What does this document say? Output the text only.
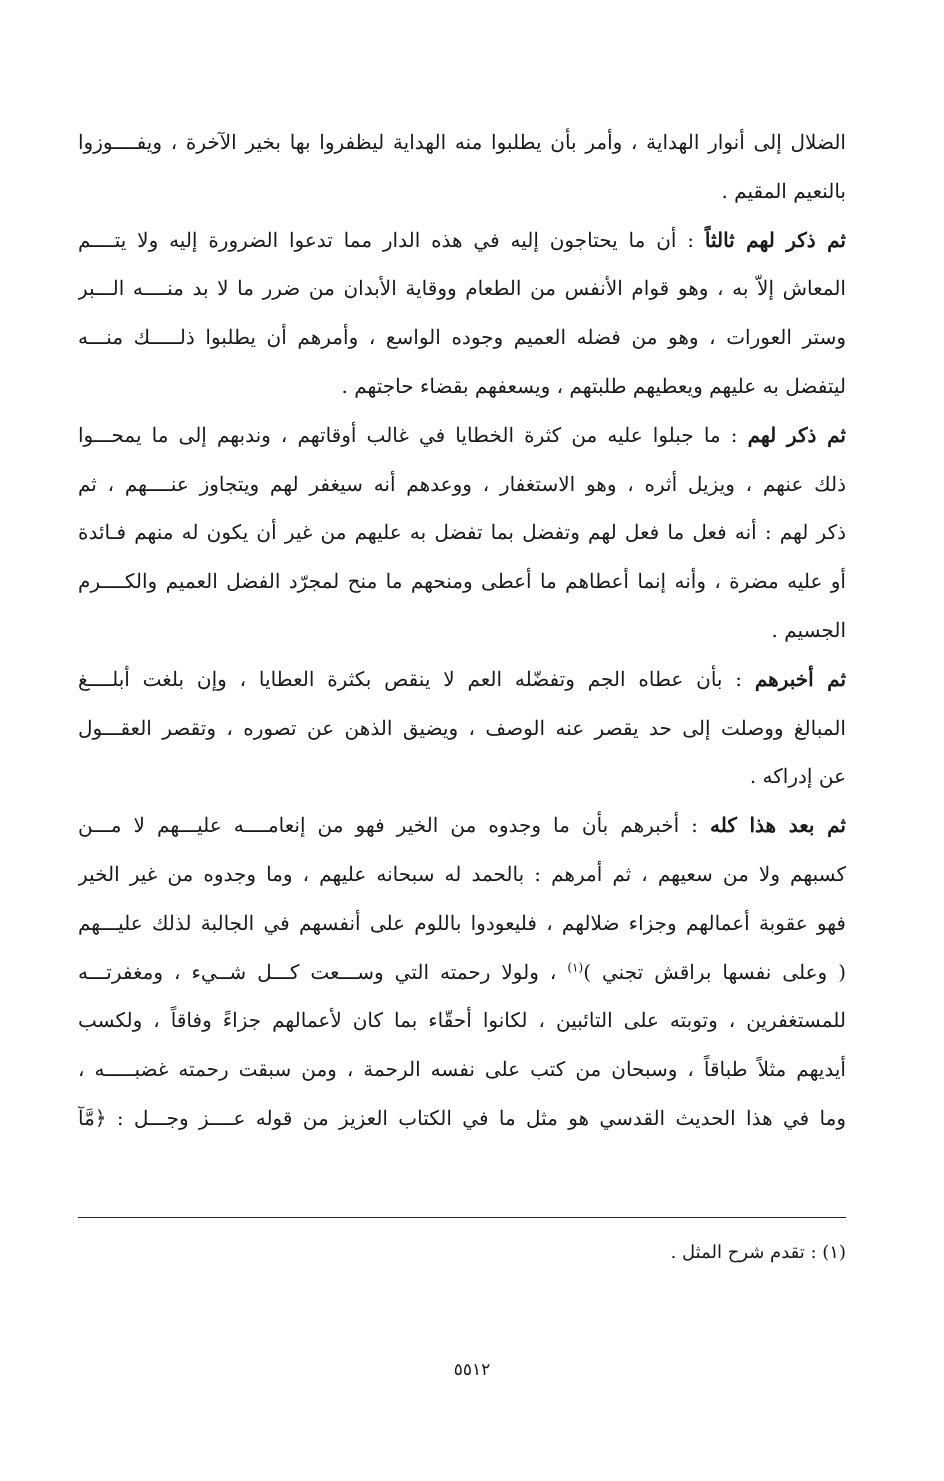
الضلال إلى أنوار الهداية ، وأمر بأن يطلبوا منه الهداية ليظفروا بها بخير الآخرة ، ويفــــوزوا
بالنعيم المقيم .
ثم ذكر لهم ثالثاً : أن ما يحتاجون إليه في هذه الدار مما تدعوا الضرورة إليه ولا يتــــم
المعاش إلاّ به ، وهو قوام الأنفس من الطعام ووقاية الأبدان من ضرر ما لا بد منــــه الـــبر
وستر العورات ، وهو من فضله العميم وجوده الواسع ، وأمرهم أن يطلبوا ذلـــــك منـــه
ليتفضل به عليهم ويعطيهم طلبتهم ، ويسعفهم بقضاء حاجتهم .
ثم ذكر لهم : ما جبلوا عليه من كثرة الخطايا في غالب أوقاتهم ، وندبهم إلى ما يمحـــوا
ذلك عنهم ، ويزيل أثره ، وهو الاستغفار ، ووعدهم أنه سيغفر لهم ويتجاوز عنــــهم ، ثم
ذكر لهم : أنه فعل ما فعل لهم وتفضل بما تفضل به عليهم من غير أن يكون له منهم فـائدة
أو عليه مضرة ، وأنه إنما أعطاهم ما أعطى ومنحهم ما منح لمجرّد الفضل العميم والكــــرم
الجسيم .
ثم أخبرهم : بأن عطاه الجم وتفضّله العم لا ينقص بكثرة العطايا ، وإن بلغت أبلــــغ
المبالغ ووصلت إلى حد يقصر عنه الوصف ، ويضيق الذهن عن تصوره ، وتقصر العقـــول
عن إدراكه .
ثم بعد هذا كله : أخبرهم بأن ما وجدوه من الخير فهو من إنعامــــه عليـــهم لا مـــن
كسبهم ولا من سعيهم ، ثم أمرهم : بالحمد له سبحانه عليهم ، وما وجدوه من غير الخير
فهو عقوبة أعمالهم وجزاء ضلالهم ، فليعودوا باللوم على أنفسهم في الجالبة لذلك عليـــهم
( وعلى نفسها براقش تجني )$^{(١)}$ ، ولولا رحمته التي وســـعت كـــل شــيء ، ومغفرتـــه
للمستغفرين ، وتوبته على التائبين ، لكانوا أحقّاء بما كان لأعمالهم جزاءً وفاقاً ، ولكسب
أيديهم مثلاً طباقاً ، وسبحان من كتب على نفسه الرحمة ، ومن سبقت رحمته غضبـــــه ،
وما في هذا الحديث القدسي هو مثل ما في الكتاب العزيز من قوله عــــز وجـــل : ﴿مَّآ
(١) : تقدم شرح المثل .
٥٥١٢
